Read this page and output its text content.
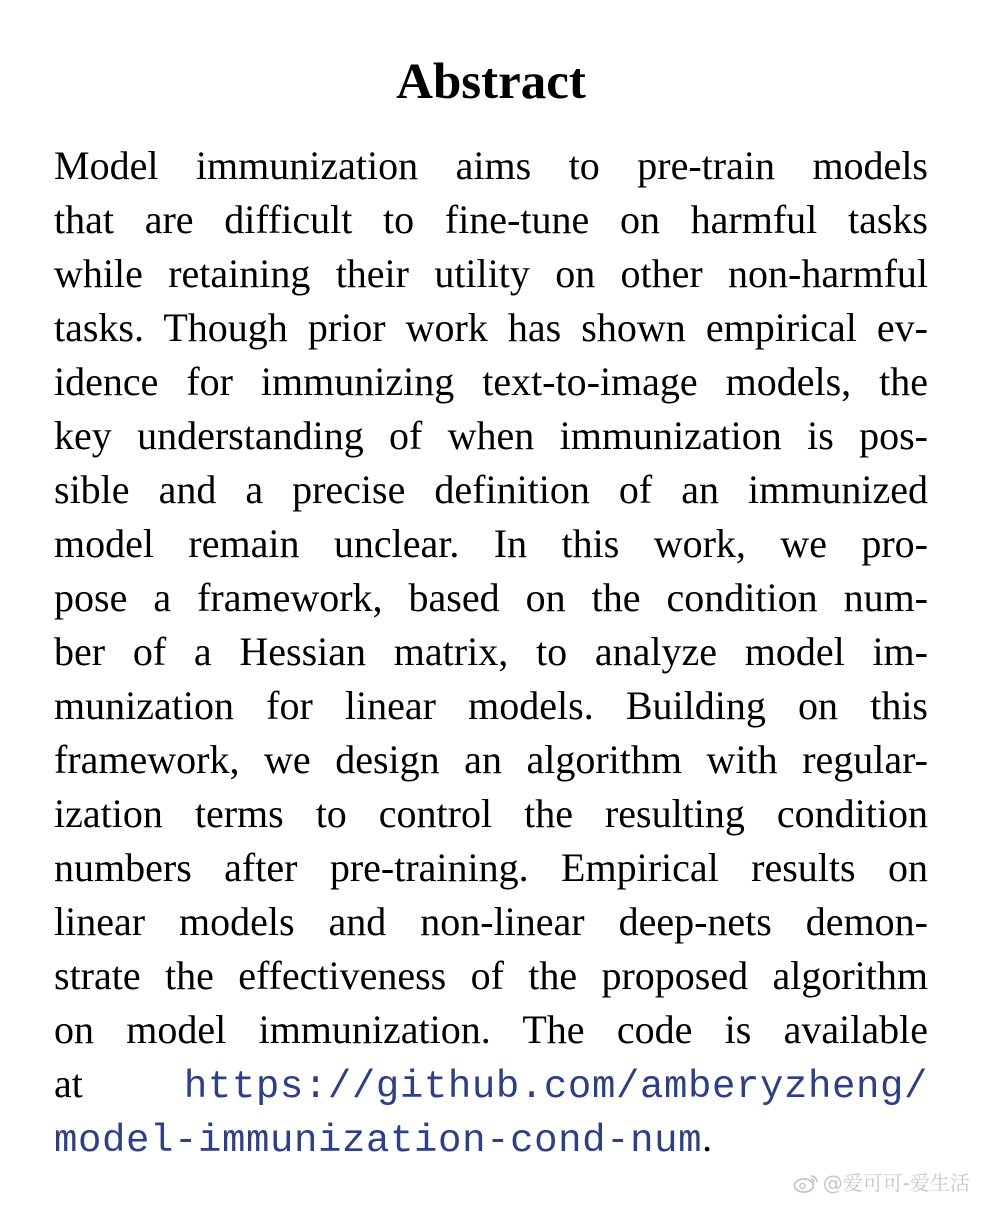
Abstract
Model immunization aims to pre-train models
that are difficult to fine-tune on harmful tasks
while retaining their utility on other non-harmful
tasks. Though prior work has shown empirical ev-
idence for immunizing text-to-image models, the
key understanding of when immunization is pos-
sible and a precise definition of an immunized
model remain unclear. In this work, we pro-
pose a framework, based on the condition num-
ber of a Hessian matrix, to analyze model im-
munization for linear models. Building on this
framework, we design an algorithm with regular-
ization terms to control the resulting condition
numbers after pre-training. Empirical results on
linear models and non-linear deep-nets demon-
strate the effectiveness of the proposed algorithm
on model immunization. The code is available
at https://github.com/amberyzheng/
model-immunization-cond-num.
@爱可可-爱生活
